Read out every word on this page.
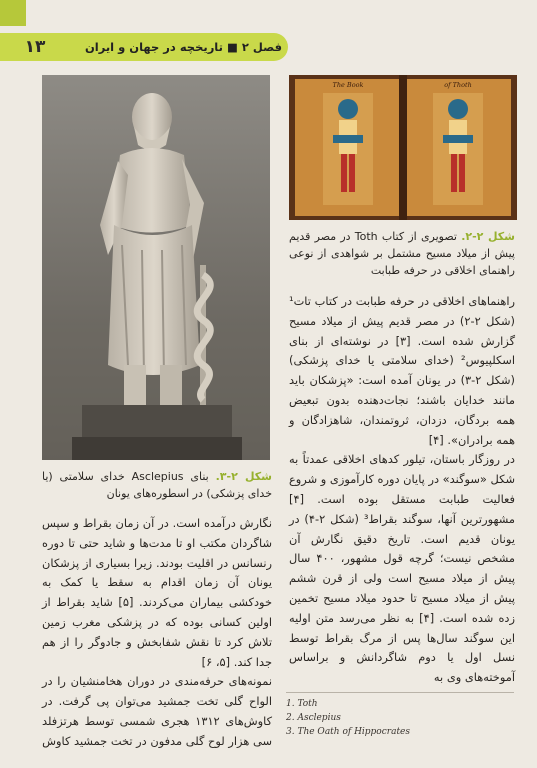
۱۳	فصل ۲ ■ تاریخچه در جهان و ایران
The Book	of Thoth
شکل ۲-۲. تصویری از کتاب Toth در مصر قدیم پیش از میلاد مسیح مشتمل بر شواهدی از نوعی راهنمای اخلاقی در حرفه طبابت
شکل ۲-۳. بنای Asclepius خدای سلامتی (یا خدای پزشکی) در اسطوره‌های یونان
راهنماهای اخلاقی در حرفه طبابت در کتاب تات¹ (شکل ۲-۲) در مصر قدیم پیش از میلاد مسیح گزارش شده است. [۳] در نوشته‌ای از بنای اسکلپیوس² (خدای سلامتی یا خدای پزشکی) (شکل ۲-۳) در یونان آمده است: «پزشکان باید مانند خدایان باشند؛ نجات‌دهنده بدون تبعیض همه بردگان، دزدان، ثروتمندان، شاهزادگان و همه برادران». [۴]
در روزگار باستان، تیلور کدهای اخلاقی عمدتاً به شکل «سوگند» در پایان دوره کارآموزی و شروع فعالیت طبابت مستقل بوده است. [۴] مشهورترین آنها، سوگند بقراط³ (شکل ۲-۴) در یونان قدیم است. تاریخ دقیق نگارش آن مشخص نیست؛ گرچه قول مشهور، ۴۰۰ سال پیش از میلاد مسیح است ولی از قرن ششم پیش از میلاد مسیح تا حدود میلاد مسیح تخمین زده شده است. [۴] به نظر می‌رسد متن اولیه این سوگند سال‌ها پس از مرگ بقراط توسط نسل اول یا دوم شاگردانش و براساس آموخته‌های وی به
نگارش درآمده است. در آن زمان بقراط و سپس شاگردان مکتب او تا مدت‌ها و شاید حتی تا دوره رنسانس در اقلیت بودند. زیرا بسیاری از پزشکان یونان آن زمان اقدام به سقط یا کمک به خودکشی بیماران می‌کردند. [۵] شاید بقراط از اولین کسانی بوده که در پزشکی مغرب زمین تلاش کرد تا نقش شفابخش و جادوگر را از هم جدا کند. [۵، ۶]
نمونه‌های حرفه‌مندی در دوران هخامنشیان را در الواح گلی تخت جمشید می‌توان پی گرفت. در کاوش‌های ۱۳۱۲ هجری شمسی توسط هرتزفلد سی هزار لوح گلی مدفون در تخت جمشید کاوش
1. Toth
2. Asclepius
3. The Oath of Hippocrates
